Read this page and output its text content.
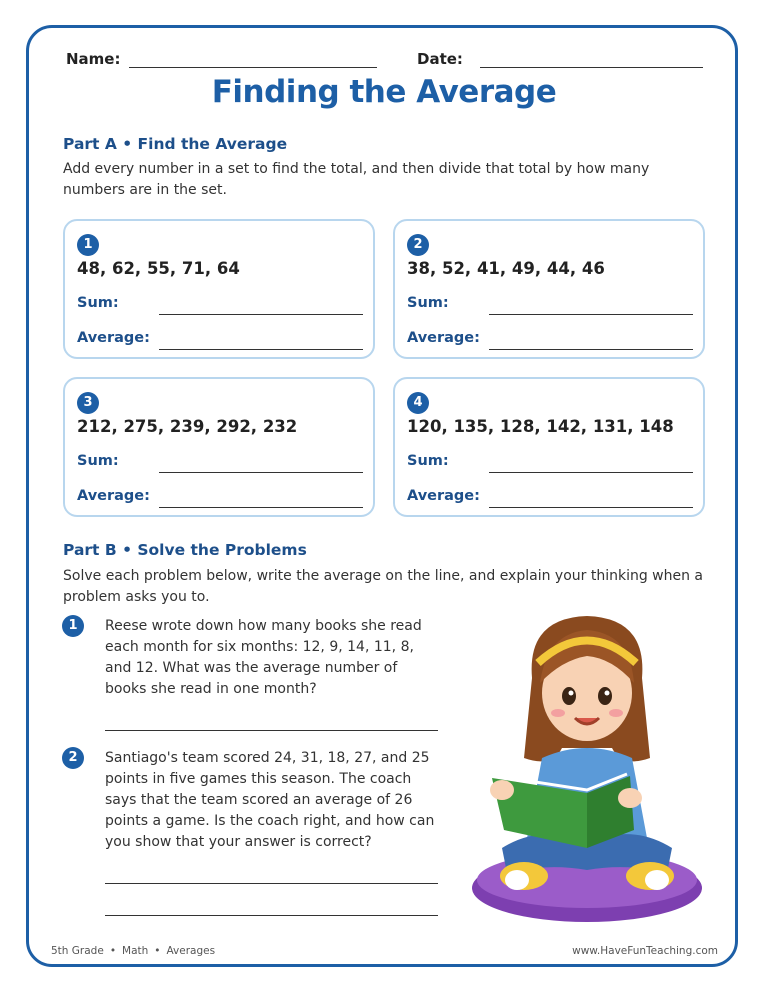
Name:	Date:
Finding the Average
Part A • Find the Average
Add every number in a set to find the total, and then divide that total by how many numbers are in the set.
1
48, 62, 55, 71, 64
Sum:
Average:
2
38, 52, 41, 49, 44, 46
Sum:
Average:
3
212, 275, 239, 292, 232
Sum:
Average:
4
120, 135, 128, 142, 131, 148
Sum:
Average:
Part B • Solve the Problems
Solve each problem below, write the average on the line, and explain your thinking when a problem asks you to.
1	Reese wrote down how many books she read each month for six months: 12, 9, 14, 11, 8, and 12. What was the average number of books she read in one month?
2	Santiago's team scored 24, 31, 18, 27, and 25 points in five games this season. The coach says that the team scored an average of 26 points a game. Is the coach right, and how can you show that your answer is correct?
5th Grade • Math • Averages	www.HaveFunTeaching.com
